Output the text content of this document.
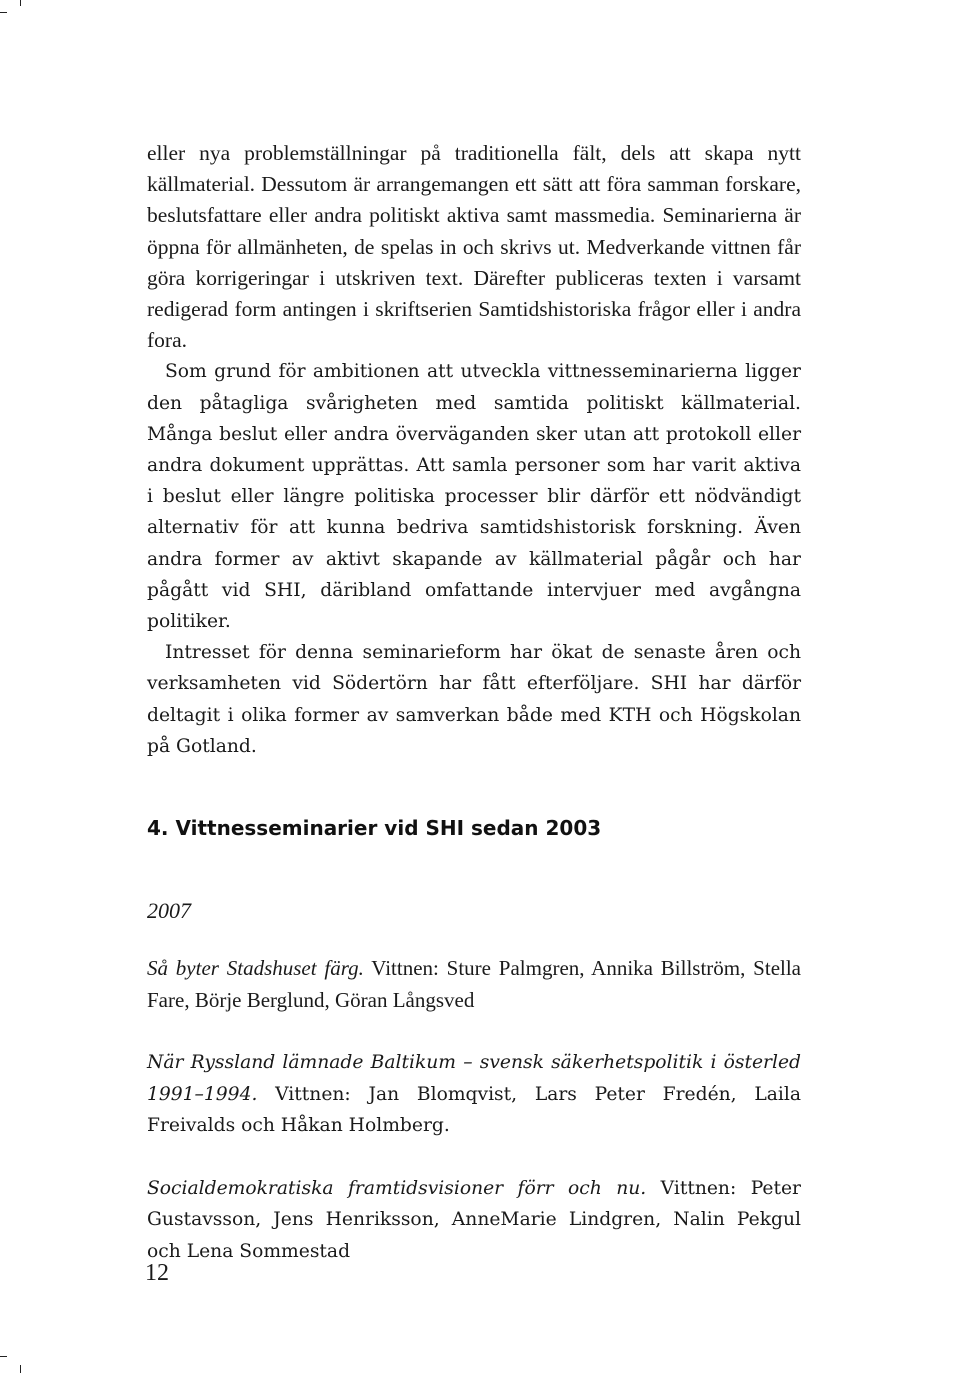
eller nya problemställningar på traditionella fält, dels att skapa nytt källmaterial. Dessutom är arrangemangen ett sätt att föra samman forskare, beslutsfattare eller andra politiskt aktiva samt massmedia. Seminarierna är öppna för allmänheten, de spelas in och skrivs ut. Medverkande vittnen får göra korrigeringar i utskriven text. Därefter publiceras texten i varsamt redigerad form antingen i skriftserien Samtidshistoriska frågor eller i andra fora.

Som grund för ambitionen att utveckla vittnesseminarierna ligger den påtagliga svårigheten med samtida politiskt källmaterial. Många beslut eller andra överväganden sker utan att protokoll eller andra dokument upprättas. Att samla personer som har varit aktiva i beslut eller längre politiska processer blir därför ett nödvändigt alternativ för att kunna bedriva samtidshistorisk forskning. Även andra former av aktivt skapande av källmaterial pågår och har pågått vid SHI, däribland omfattande intervjuer med avgångna politiker.

Intresset för denna seminarieform har ökat de senaste åren och verksamheten vid Södertörn har fått efterföljare. SHI har därför deltagit i olika former av samverkan både med KTH och Högskolan på Gotland.

4. Vittnesseminarier vid SHI sedan 2003
2007

Så byter Stadshuset färg. Vittnen: Sture Palmgren, Annika Billström, Stella Fare, Börje Berglund, Göran Långsved

När Ryssland lämnade Baltikum – svensk säkerhetspolitik i österled 1991–1994. Vittnen: Jan Blomqvist, Lars Peter Fredén, Laila Freivalds och Håkan Holmberg.

Socialdemokratiska framtidsvisioner förr och nu. Vittnen: Peter Gustavsson, Jens Henriksson, AnneMarie Lindgren, Nalin Pekgul och Lena Sommestad

12
